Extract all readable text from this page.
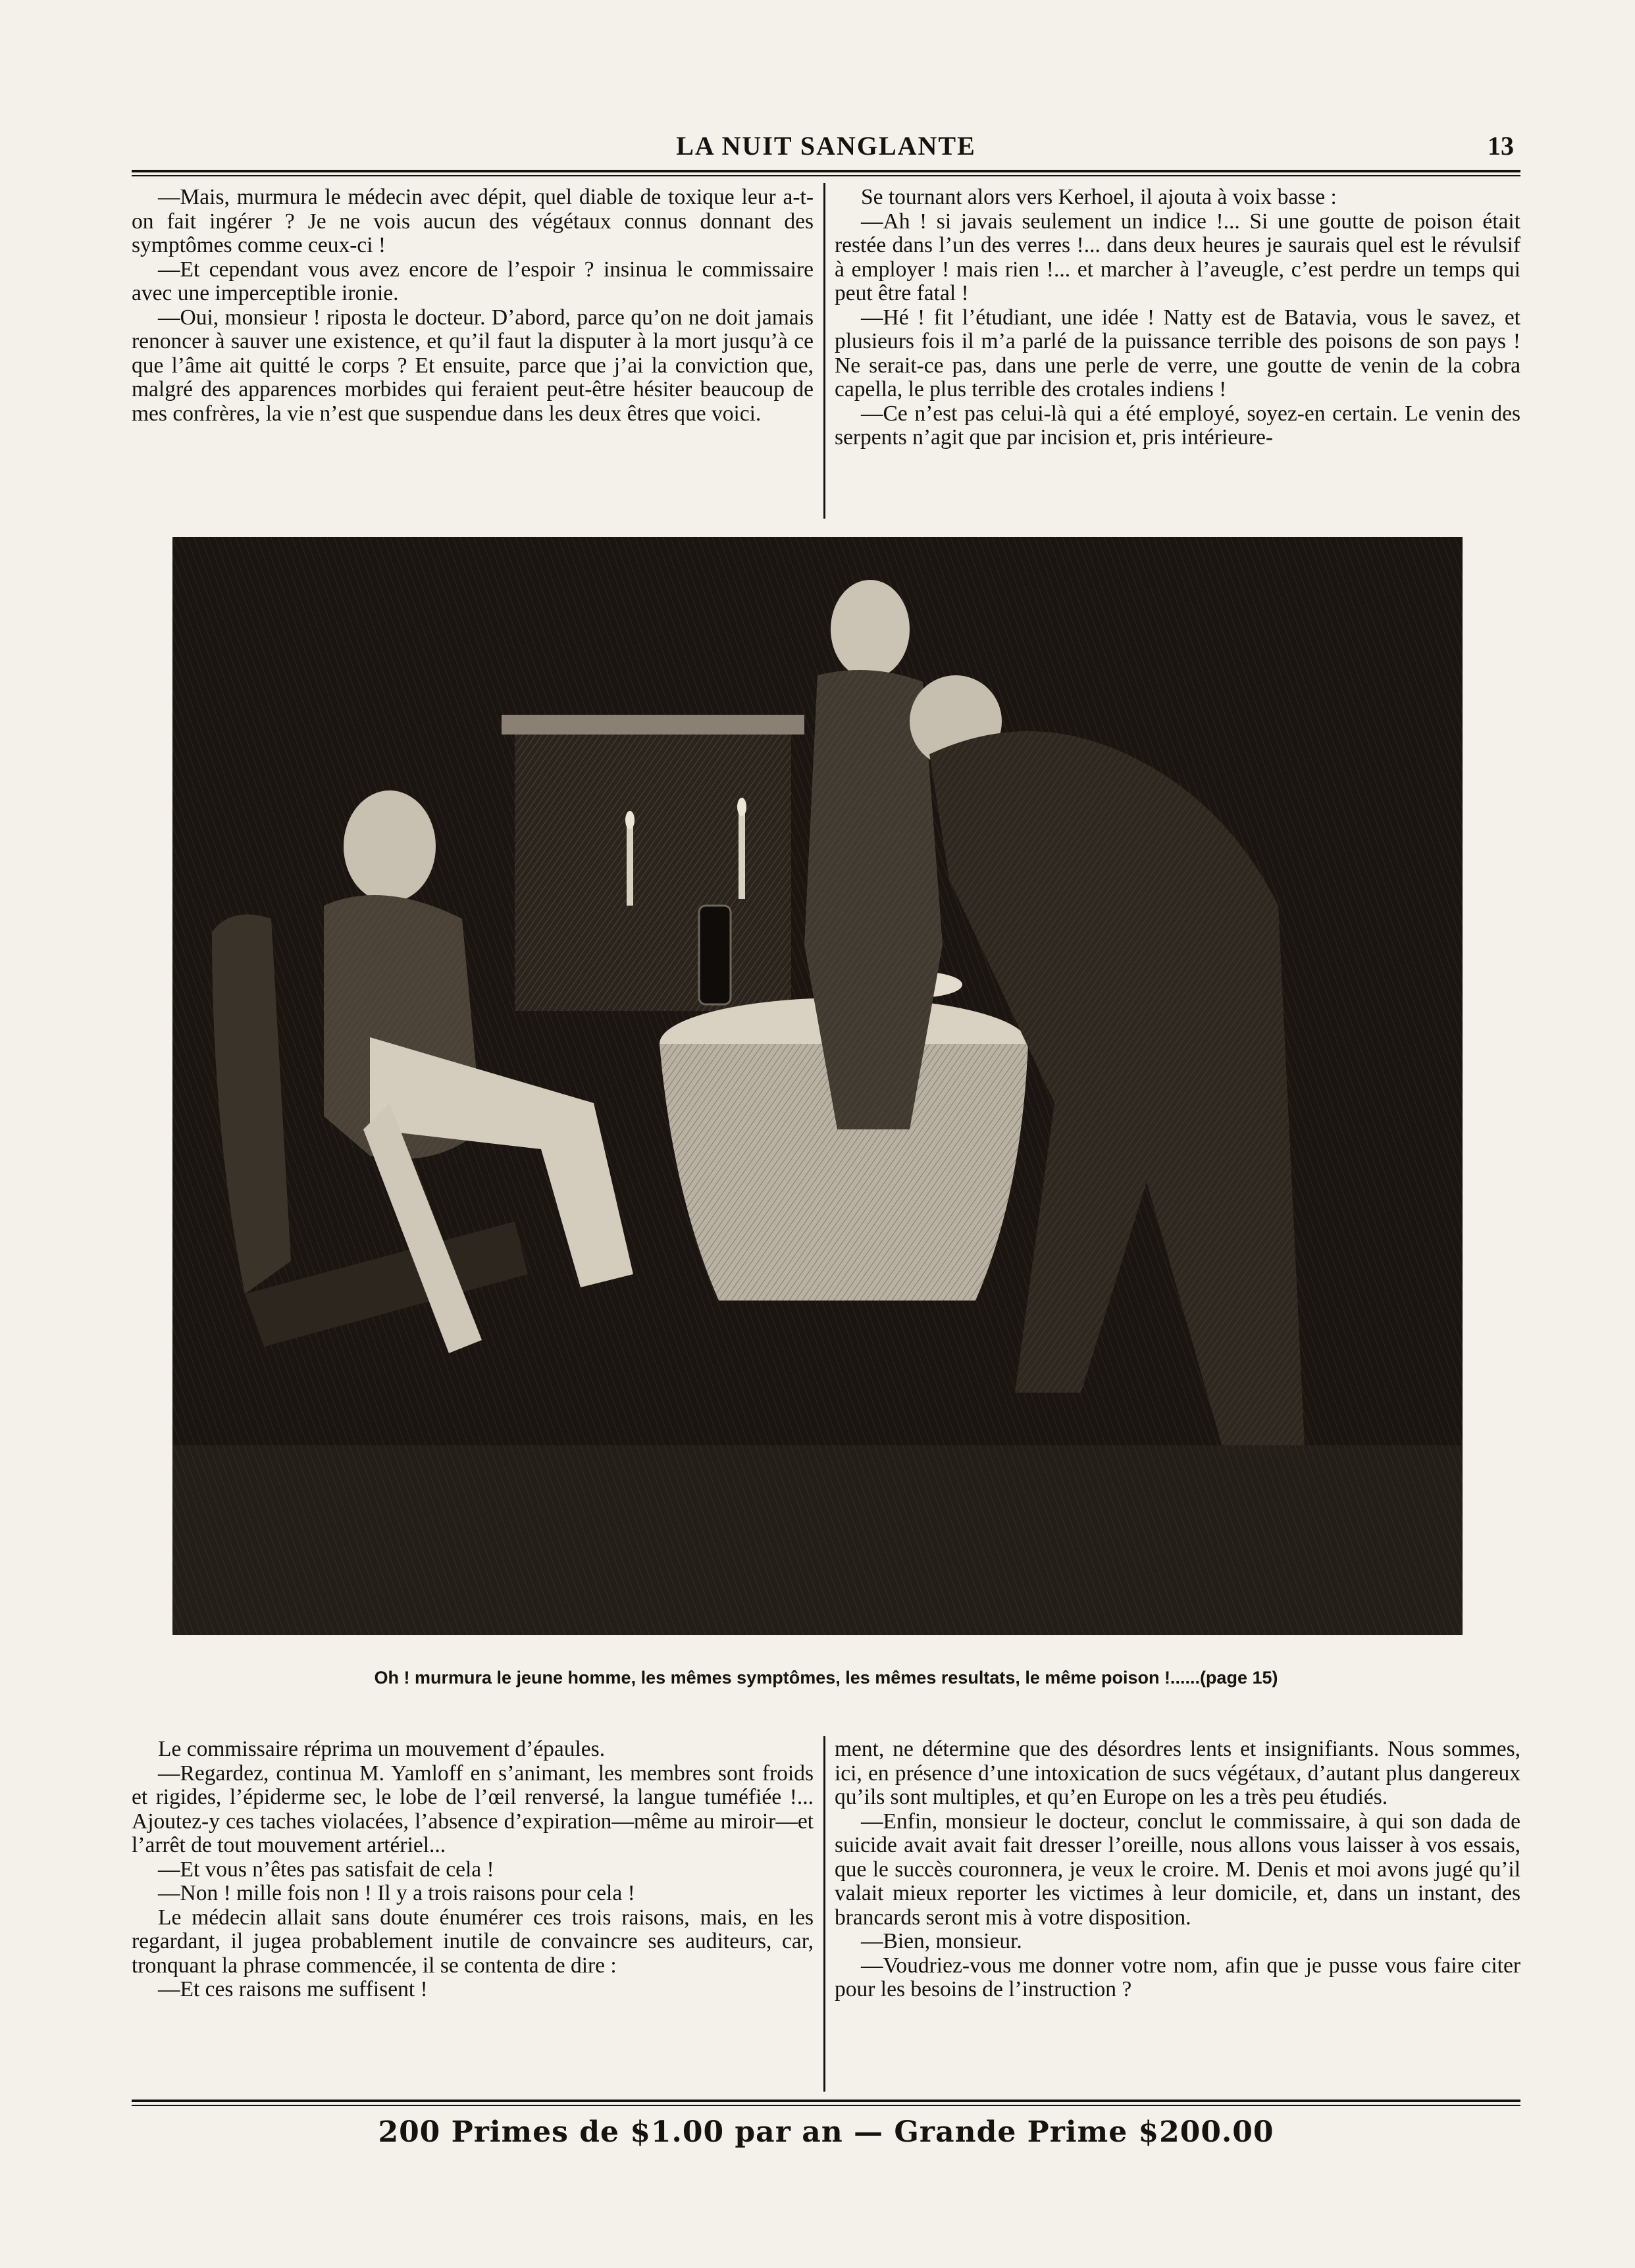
LA NUIT SANGLANTE	13

—Mais, murmura le médecin avec dépit, quel diable de toxique leur a-t-on fait ingérer ? Je ne vois aucun des végétaux connus donnant des symptômes comme ceux-ci !

—Et cependant vous avez encore de l’espoir ? insinua le commissaire avec une imperceptible ironie.

—Oui, monsieur ! riposta le docteur. D’abord, parce qu’on ne doit jamais renoncer à sauver une existence, et qu’il faut la disputer à la mort jusqu’à ce que l’âme ait quitté le corps ? Et ensuite, parce que j’ai la conviction que, malgré des apparences morbides qui feraient peut-être hésiter beaucoup de mes confrères, la vie n’est que suspendue dans les deux êtres que voici.

Se tournant alors vers Kerhoel, il ajouta à voix basse :

—Ah ! si javais seulement un indice !... Si une goutte de poison était restée dans l’un des verres !... dans deux heures je saurais quel est le révulsif à employer ! mais rien !... et marcher à l’aveugle, c’est perdre un temps qui peut être fatal !

—Hé ! fit l’étudiant, une idée ! Natty est de Batavia, vous le savez, et plusieurs fois il m’a parlé de la puissance terrible des poisons de son pays ! Ne serait-ce pas, dans une perle de verre, une goutte de venin de la cobra capella, le plus terrible des crotales indiens !

—Ce n’est pas celui-là qui a été employé, soyez-en certain. Le venin des serpents n’agit que par incision et, pris intérieure-

Oh ! murmura le jeune homme, les mêmes symptômes, les mêmes resultats, le même poison !......(page 15)

Le commissaire réprima un mouvement d’épaules.

—Regardez, continua M. Yamloff en s’animant, les membres sont froids et rigides, l’épiderme sec, le lobe de l’œil renversé, la langue tuméfiée !... Ajoutez-y ces taches violacées, l’absence d’expiration—même au miroir—et l’arrêt de tout mouvement artériel...

—Et vous n’êtes pas satisfait de cela !

—Non ! mille fois non ! Il y a trois raisons pour cela !

Le médecin allait sans doute énumérer ces trois raisons, mais, en les regardant, il jugea probablement inutile de convaincre ses auditeurs, car, tronquant la phrase commencée, il se contenta de dire :

—Et ces raisons me suffisent !

ment, ne détermine que des désordres lents et insignifiants. Nous sommes, ici, en présence d’une intoxication de sucs végétaux, d’autant plus dangereux qu’ils sont multiples, et qu’en Europe on les a très peu étudiés.

—Enfin, monsieur le docteur, conclut le commissaire, à qui son dada de suicide avait avait fait dresser l’oreille, nous allons vous laisser à vos essais, que le succès couronnera, je veux le croire. M. Denis et moi avons jugé qu’il valait mieux reporter les victimes à leur domicile, et, dans un instant, des brancards seront mis à votre disposition.

—Bien, monsieur.

—Voudriez-vous me donner votre nom, afin que je pusse vous faire citer pour les besoins de l’instruction ?

200 Primes de $1.00 par an — Grande Prime $200.00
